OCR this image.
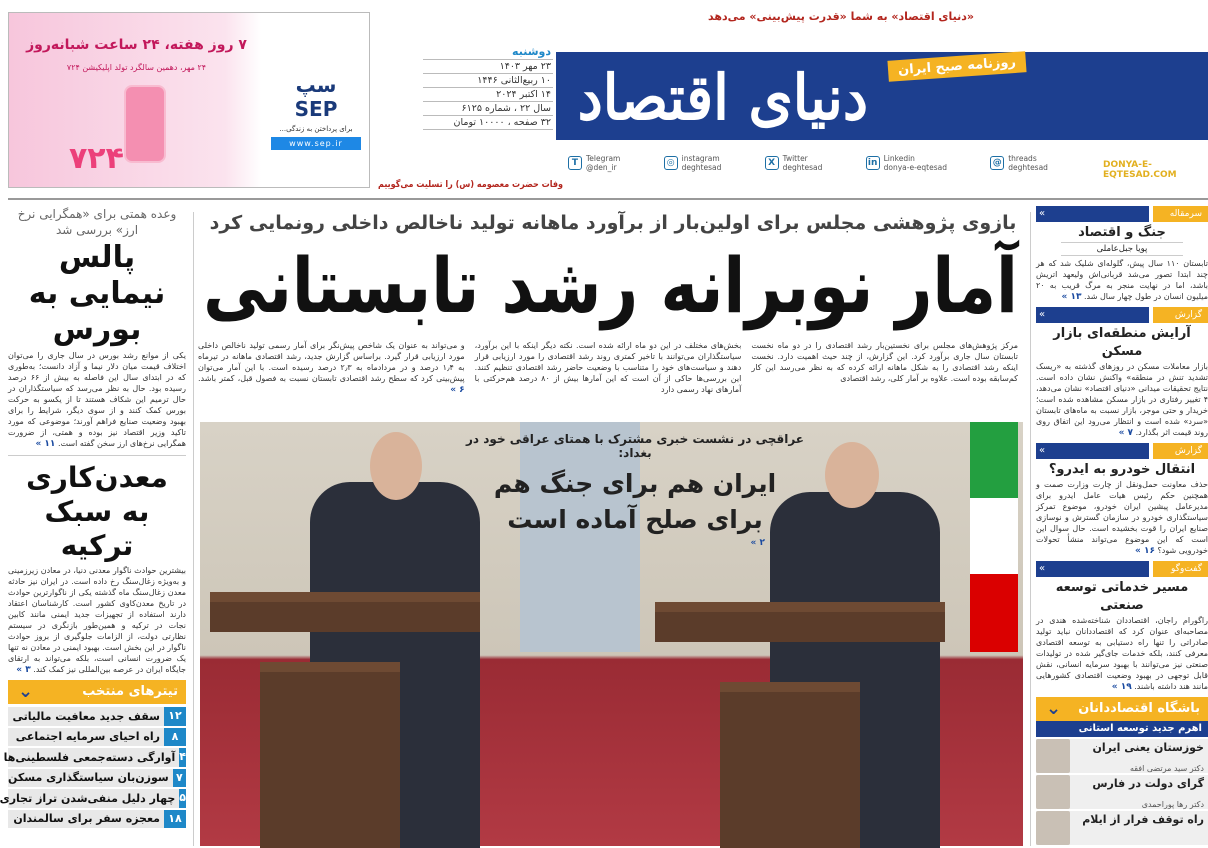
۷ روز هفته، ۲۴ ساعت شبانه‌روز
۲۴ مهر، دهمین سالگرد تولد اپلیکیشن ۷۲۴
۷۲۴
سپ SEP
برای پرداختن به زندگی...
www.sep.ir
دوشنبه
۲۳ مهر ۱۴۰۳
۱۰ ربیع‌الثانی ۱۴۴۶
۱۴ اکتبر ۲۰۲۴
سال ۲۲ ، شماره ۶۱۲۵
۳۲ صفحه ، ۱۰۰۰۰ تومان
«دنیای اقتصاد» به شما «قدرت پیش‌بینی» می‌دهد
دنیای اقتصاد	روزنامه صبح ایران
T	Telegram
@den_ir	◎ instagram
deghtesad	X	Twitter
deghtesad	in Linkedin
donya-e-eqtesad	@ threads
deghtesad	DONYA-E-EQTESAD.COM
وفات حضرت معصومه (س) را تسلیت می‌گوییم
وعده همتی برای «همگرایی نرخ ارز» بررسی شد
پالس نیمایی به بورس
یکی از موانع رشد بورس در سال جاری را می‌توان اختلاف قیمت میان دلار نیما و آزاد دانست؛ به‌طوری که در ابتدای سال این فاصله به بیش از ۶۶ درصد رسیده بود. حال به نظر می‌رسد که سیاستگذاران در حال ترمیم این شکاف هستند تا از یکسو به حرکت بورس کمک کنند و از سوی دیگر، شرایط را برای بهبود وضعیت صنایع فراهم آورند؛ موضوعی که مورد تاکید وزیر اقتصاد نیز بوده و همتی، از ضرورت همگرایی نرخ‌های ارز سخن گفته است. ۱۱ »
معدن‌کاری به سبک ترکیه
بیشترین حوادث ناگوار معدنی دنیا، در معادن زیرزمینی و به‌ویژه زغال‌سنگ رخ داده است. در ایران نیز حادثه معدن زغال‌سنگ ماه گذشته یکی از ناگوارترین حوادث در تاریخ معدن‌کاوی کشور است. کارشناسان اعتقاد دارند استفاده از تجهیزات جدید ایمنی مانند کابین نجات در ترکیه و همین‌طور بازنگری در سیستم نظارتی دولت، از الزامات جلوگیری از بروز حوادث ناگوار در این بخش است. بهبود ایمنی در معادن نه تنها یک ضرورت انسانی است، بلکه می‌تواند به ارتقای جایگاه ایران در عرصه بین‌المللی نیز کمک کند. ۳ »
تیترهای منتخب
⌄
۱۲
سقف جدید معافیت مالیاتی
۸
راه احیای سرمایه اجتماعی
۴
آوارگی دسته‌جمعی فلسطینی‌ها
۷
سوزن‌بان سیاستگذاری مسکن
۵
چهار دلیل منفی‌شدن تراز تجاری
۱۸
معجزه سفر برای سالمندان
بازوی پژوهشی مجلس برای اولین‌بار از برآورد ماهانه تولید ناخالص داخلی رونمایی کرد
آمار نوبرانه رشد تابستانی
مرکز پژوهش‌های مجلس برای نخستین‌بار رشد اقتصادی را در دو ماه نخست تابستان سال جاری برآورد کرد. این گزارش، از چند حیث اهمیت دارد. نخست اینکه رشد اقتصادی را به شکل ماهانه ارائه کرده که به نظر می‌رسد این کار کم‌سابقه بوده است. علاوه بر آمار کلی، رشد اقتصادی
بخش‌های مختلف در این دو ماه ارائه شده است. نکته دیگر اینکه با این برآورد، سیاستگذاران می‌توانند با تاخیر کمتری روند رشد اقتصادی را مورد ارزیابی قرار دهند و سیاست‌های خود را متناسب با وضعیت حاضر رشد اقتصادی تنظیم کنند. این بررسی‌ها حاکی از آن است که این آمارها بیش از ۸۰ درصد هم‌حرکتی با آمارهای نهاد رسمی دارد
و می‌تواند به عنوان یک شاخص پیش‌نگر برای آمار رسمی تولید ناخالص داخلی مورد ارزیابی قرار گیرد. براساس گزارش جدید، رشد اقتصادی ماهانه در تیرماه به ۱٫۴ درصد و در مردادماه به ۲٫۳ درصد رسیده است. با این آمار می‌توان پیش‌بینی کرد که سطح رشد اقتصادی تابستان نسبت به فصول قبل، کمتر باشد. ۶ »
عراقچی در نشست خبری مشترک با همتای عراقی خود در بغداد:
ایران هم برای جنگ هم برای صلح آماده است
۲ »
سرمقاله
«
جنگ و اقتصاد
پویا جبل‌عاملی
تابستان ۱۱۰ سال پیش، گلوله‌ای شلیک شد که هر چند ابتدا تصور می‌شد قربانی‌اش ولیعهد اتریش باشد، اما در نهایت منجر به مرگ قریب به ۲۰ میلیون انسان در طول چهار سال شد. ۱۳ »
گزارش
«
آرایش منطقه‌ای بازار مسکن
بازار معاملات مسکن در روزهای گذشته به «ریسک تشدید تنش در منطقه» واکنش نشان داده است. نتایج تحقیقات میدانی «دنیای اقتصاد» نشان می‌دهد، ۴ تغییر رفتاری در بازار مسکن مشاهده شده است؛ خریدار و حتی موجر، بازار نسبت به ماه‌های تابستان «سرد» شده است و انتظار می‌رود این اتفاق روی روند قیمت اثر بگذارد. ۷ »
گزارش
«
انتقال خودرو به ایدرو؟
حذف معاونت حمل‌ونقل از چارت وزارت صمت و همچنین حکم رئیس هیات عامل ایدرو برای مدیرعامل پیشین ایران خودرو، موضوع تمرکز سیاستگذاری خودرو در سازمان گسترش و نوسازی صنایع ایران را قوت بخشیده است. حال سوال این است که این موضوع می‌تواند منشأ تحولات خودرویی شود؟ ۱۶ »
گفت‌وگو
«
مسیر خدماتی توسعه صنعتی
راگورام راجان، اقتصاددان شناخته‌شده هندی در مصاحبه‌ای عنوان کرد که اقتصاددانان نباید تولید صادراتی را تنها راه دستیابی به توسعه اقتصادی معرفی کنند، بلکه خدمات جای‌گیر شده در تولیدات صنعتی نیز می‌توانند با بهبود سرمایه انسانی، نقش قابل توجهی در بهبود وضعیت اقتصادی کشورهایی مانند هند داشته باشند. ۱۹ »
باشگاه اقتصاددانان
⌄
اهرم جدید توسعه استانی
خوزستان یعنی ایران
دکتر سید مرتضی افقه
گرای دولت در فارس
دکتر رها پوراحمدی
راه توقف فرار از ایلام
